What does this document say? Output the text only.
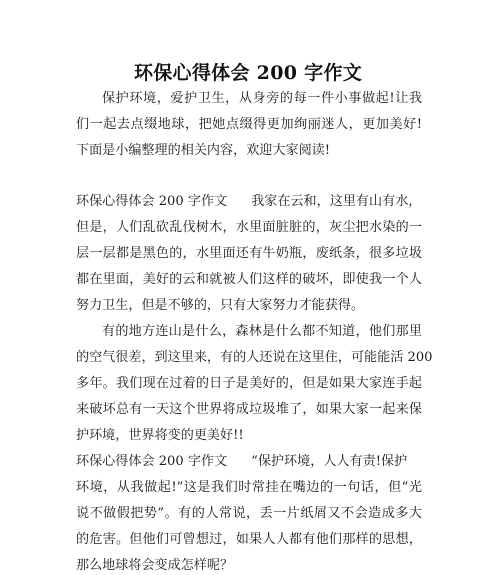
环保心得体会 200 字作文
保护环境，爱护卫生，从身旁的每一件小事做起!让我
们一起去点缀地球，把她点缀得更加绚丽迷人，更加美好!
下面是小编整理的相关内容，欢迎大家阅读!
环保心得体会 200 字作文 我家在云和，这里有山有水，
但是，人们乱砍乱伐树木，水里面脏脏的，灰尘把水染的一
层一层都是黑色的，水里面还有牛奶瓶，废纸条，很多垃圾
都在里面，美好的云和就被人们这样的破坏，即使我一个人
努力卫生，但是不够的，只有大家努力才能获得。
有的地方连山是什么，森林是什么都不知道，他们那里
的空气很差，到这里来，有的人还说在这里住，可能能活 200
多年。我们现在过着的日子是美好的，但是如果大家连手起
来破坏总有一天这个世界将成垃圾堆了，如果大家一起来保
护环境，世界将变的更美好!!
环保心得体会 200 字作文 “保护环境，人人有责!保护
环境，从我做起!”这是我们时常挂在嘴边的一句话，但“光
说不做假把势”。有的人常说，丢一片纸屑又不会造成多大
的危害。但他们可曾想过，如果人人都有他们那样的思想，
那么地球将会变成怎样呢？
